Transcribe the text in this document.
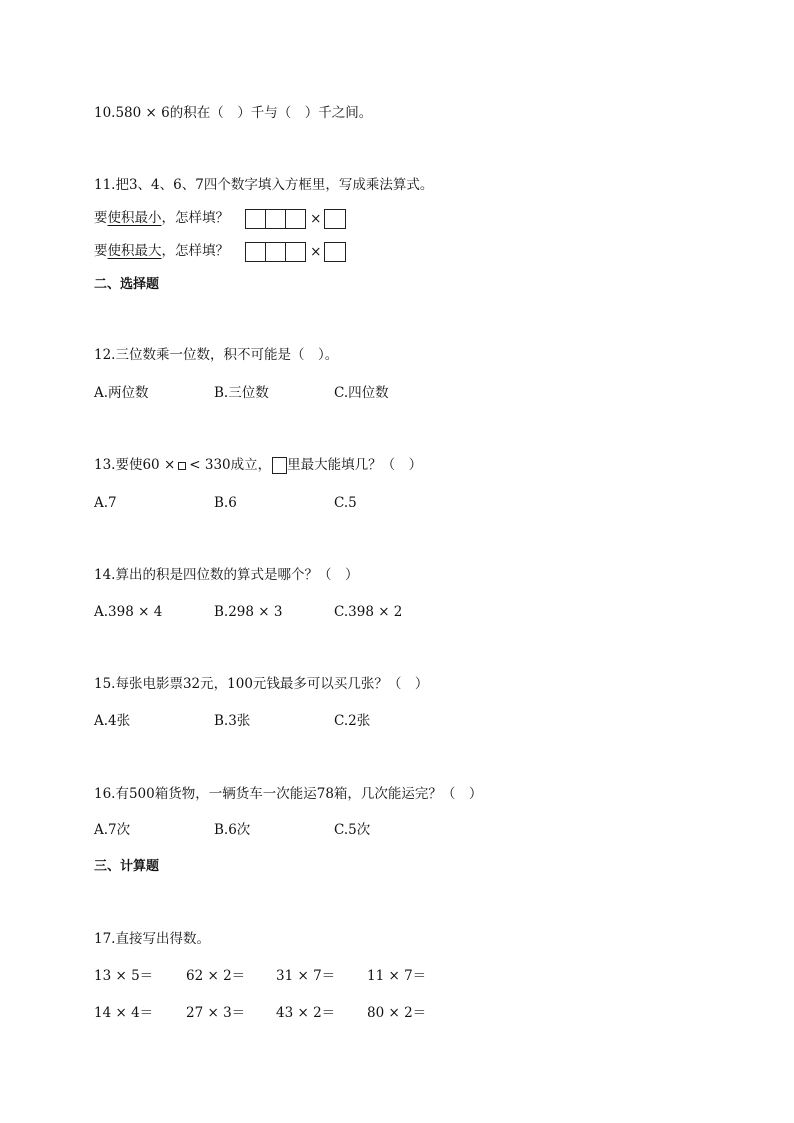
10.580 × 6的积在（　）千与（　）千之间。
11.把3、4、6、7四个数字填入方框里，写成乘法算式。
要使积最小，怎样填？	×
要使积最大，怎样填？	×
二、选择题
12.三位数乘一位数，积不可能是（　）。
A.两位数	B.三位数	C.四位数
13.要使60 × < 330成立， 里最大能填几？（　）
A.7	B.6	C.5
14.算出的积是四位数的算式是哪个？（　）
A.398 × 4	B.298 × 3	C.398 × 2
15.每张电影票32元，100元钱最多可以买几张？（　）
A.4张	B.3张	C.2张
16.有500箱货物，一辆货车一次能运78箱，几次能运完？（　）
A.7次	B.6次	C.5次
三、计算题
17.直接写出得数。
13 × 5＝ 62 × 2＝ 31 × 7＝ 11 × 7＝
14 × 4＝ 27 × 3＝ 43 × 2＝ 80 × 2＝
